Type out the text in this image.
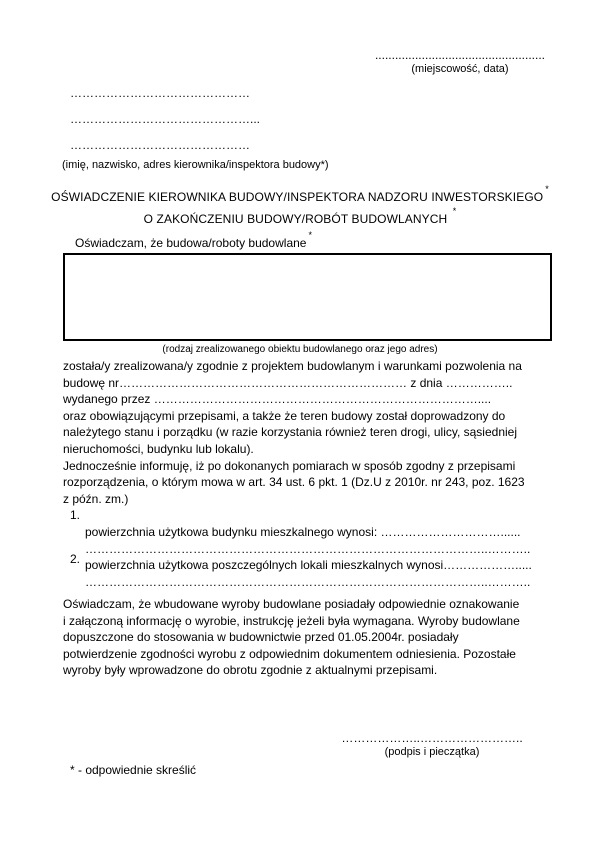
...................................................
(miejscowość, data)
………………………………………
………………………………………...
………………………………………
(imię, nazwisko, adres kierownika/inspektora budowy*)
OŚWIADCZENIE KIEROWNIKA BUDOWY/INSPEKTORA NADZORU INWESTORSKIEGO*
O ZAKOŃCZENIU BUDOWY/ROBÓT BUDOWLANYCH *
Oświadczam, że budowa/roboty budowlane*
(rodzaj zrealizowanego obiektu budowlanego oraz jego adres)
została/y zrealizowana/y zgodnie z projektem budowlanym i warunkami pozwolenia na
budowę nr……………………………………………………………… z dnia ……………..
wydanego przez ………………………………………………………………………....
oraz obowiązującymi przepisami, a także że teren budowy został doprowadzony do
należytego stanu i porządku (w razie korzystania również teren drogi, ulicy, sąsiedniej
nieruchomości, budynku lub lokalu).
Jednocześnie informuję, iż po dokonanych pomiarach w sposób zgodny z przepisami
rozporządzenia, o którym mowa w art. 34 ust. 6 pkt. 1 (Dz.U z 2010r. nr 243, poz. 1623
z późn. zm.)
1.
powierzchnia użytkowa budynku mieszkalnego wynosi: …………………………......
………………………………………………………………………………………..………..
2. powierzchnia użytkowa poszczególnych lokali mieszkalnych wynosi……………….....
………………………………………………………………………………………..………..
Oświadczam, że wbudowane wyroby budowlane posiadały odpowiednie oznakowanie
i załączoną informację o wyrobie, instrukcję jeżeli była wymagana. Wyroby budowlane
dopuszczone do stosowania w budownictwie przed 01.05.2004r. posiadały
potwierdzenie zgodności wyrobu z odpowiednim dokumentem odniesienia. Pozostałe
wyroby były wprowadzone do obrotu zgodnie z aktualnymi przepisami.
………………..……………………..
(podpis i pieczątka)
* - odpowiednie skreślić
